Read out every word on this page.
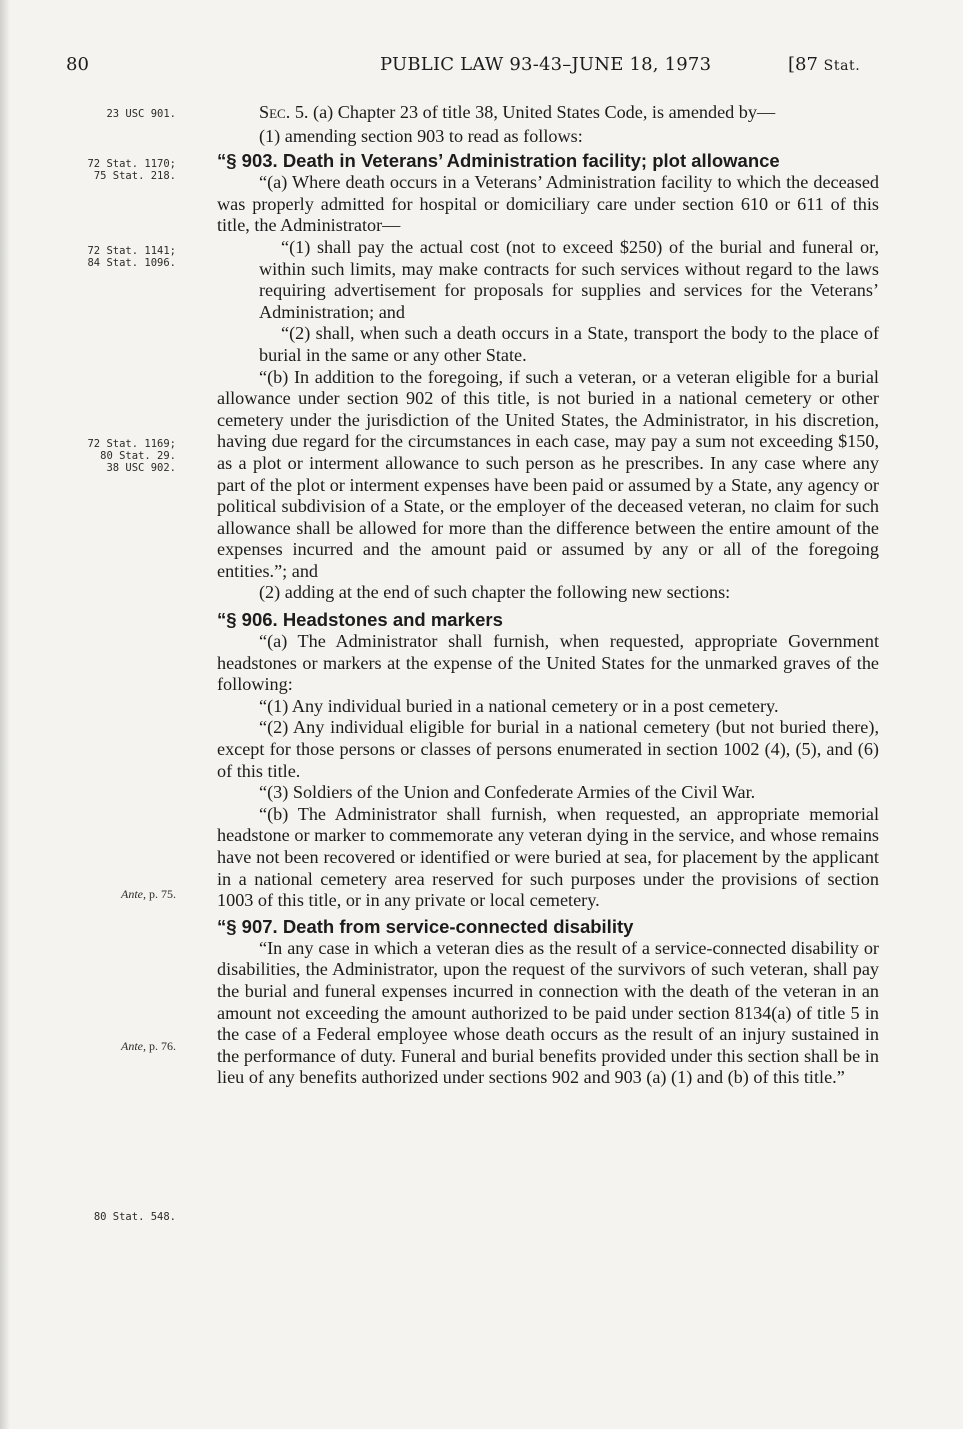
80	PUBLIC LAW 93-43–JUNE 18, 1973	[87 Stat.
23 USC 901.
72 Stat. 1170;
75 Stat. 218.
72 Stat. 1141;
84 Stat. 1096.
72 Stat. 1169;
80 Stat. 29.
38 USC 902.
Ante, p. 75.
Ante, p. 76.
80 Stat. 548.

Sec. 5. (a) Chapter 23 of title 38, United States Code, is amended by—

(1) amending section 903 to read as follows:

“§ 903. Death in Veterans’ Administration facility; plot allowance

“(a) Where death occurs in a Veterans’ Administration facility to which the deceased was properly admitted for hospital or domiciliary care under section 610 or 611 of this title, the Administrator—

“(1) shall pay the actual cost (not to exceed $250) of the burial and funeral or, within such limits, may make contracts for such services without regard to the laws requiring advertisement for proposals for supplies and services for the Veterans’ Administration; and

“(2) shall, when such a death occurs in a State, transport the body to the place of burial in the same or any other State.

“(b) In addition to the foregoing, if such a veteran, or a veteran eligible for a burial allowance under section 902 of this title, is not buried in a national cemetery or other cemetery under the jurisdiction of the United States, the Administrator, in his discretion, having due regard for the circumstances in each case, may pay a sum not exceeding $150, as a plot or interment allowance to such person as he prescribes. In any case where any part of the plot or interment expenses have been paid or assumed by a State, any agency or political subdivision of a State, or the employer of the deceased veteran, no claim for such allowance shall be allowed for more than the difference between the entire amount of the expenses incurred and the amount paid or assumed by any or all of the foregoing entities.”; and

(2) adding at the end of such chapter the following new sections:

“§ 906. Headstones and markers

“(a) The Administrator shall furnish, when requested, appropriate Government headstones or markers at the expense of the United States for the unmarked graves of the following:

“(1) Any individual buried in a national cemetery or in a post cemetery.

“(2) Any individual eligible for burial in a national cemetery (but not buried there), except for those persons or classes of persons enumerated in section 1002 (4), (5), and (6) of this title.

“(3) Soldiers of the Union and Confederate Armies of the Civil War.

“(b) The Administrator shall furnish, when requested, an appropriate memorial headstone or marker to commemorate any veteran dying in the service, and whose remains have not been recovered or identified or were buried at sea, for placement by the applicant in a national cemetery area reserved for such purposes under the provisions of section 1003 of this title, or in any private or local cemetery.

“§ 907. Death from service-connected disability

“In any case in which a veteran dies as the result of a service-connected disability or disabilities, the Administrator, upon the request of the survivors of such veteran, shall pay the burial and funeral expenses incurred in connection with the death of the veteran in an amount not exceeding the amount authorized to be paid under section 8134(a) of title 5 in the case of a Federal employee whose death occurs as the result of an injury sustained in the performance of duty. Funeral and burial benefits provided under this section shall be in lieu of any benefits authorized under sections 902 and 903 (a) (1) and (b) of this title.”
